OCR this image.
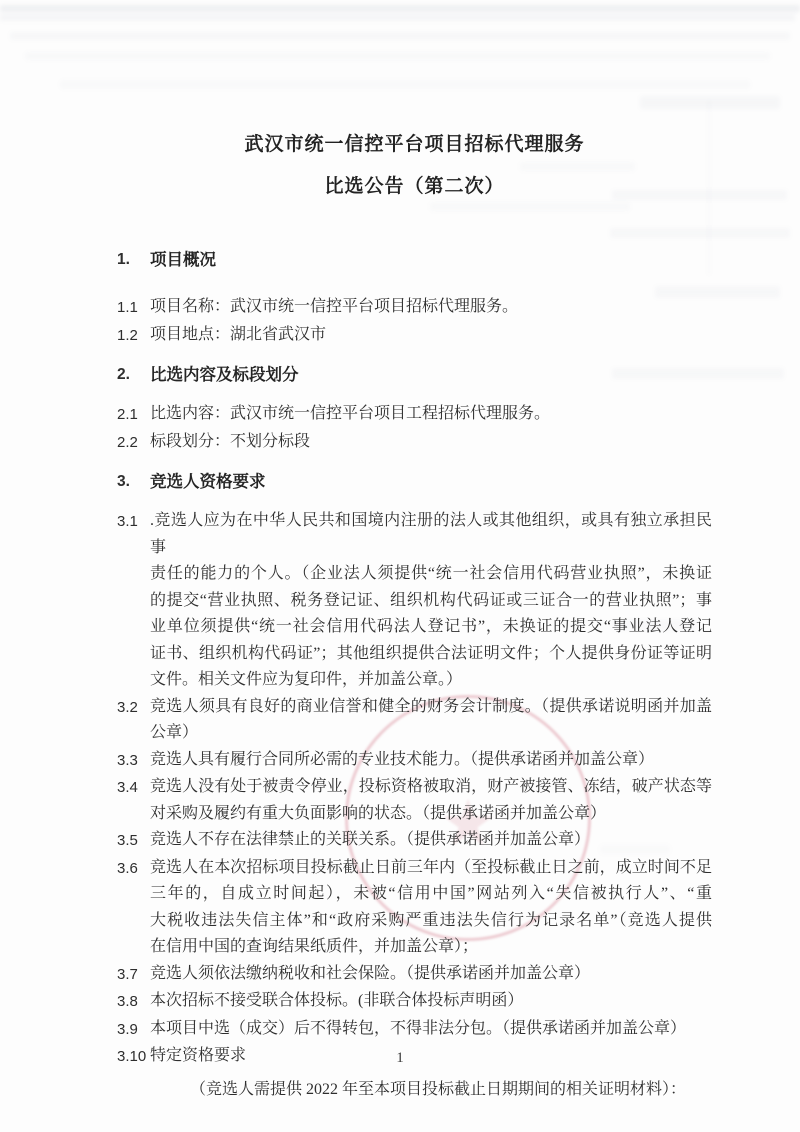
★
武汉市统一信控平台项目招标代理服务
比选公告（第二次）
1.	项目概况
1.1 项目名称：武汉市统一信控平台项目招标代理服务。
1.2 项目地点：湖北省武汉市
2.	比选内容及标段划分
2.1 比选内容：武汉市统一信控平台项目工程招标代理服务。
2.2 标段划分：不划分标段
3.	竞选人资格要求
3.1 .竞选人应为在中华人民共和国境内注册的法人或其他组织，或具有独立承担民事
责任的能力的个人。（企业法人须提供“统一社会信用代码营业执照”，未换证
的提交“营业执照、税务登记证、组织机构代码证或三证合一的营业执照”；事
业单位须提供“统一社会信用代码法人登记书”，未换证的提交“事业法人登记
证书、组织机构代码证”；其他组织提供合法证明文件；个人提供身份证等证明
文件。相关文件应为复印件，并加盖公章。）
3.2 竞选人须具有良好的商业信誉和健全的财务会计制度。（提供承诺说明函并加盖
公章）
3.3 竞选人具有履行合同所必需的专业技术能力。（提供承诺函并加盖公章）
3.4 竞选人没有处于被责令停业，投标资格被取消，财产被接管、冻结，破产状态等
对采购及履约有重大负面影响的状态。（提供承诺函并加盖公章）
3.5 竞选人不存在法律禁止的关联关系。（提供承诺函并加盖公章）
3.6 竞选人在本次招标项目投标截止日前三年内（至投标截止日之前，成立时间不足
三年的，自成立时间起），未被“信用中国”网站列入“失信被执行人”、“重
大税收违法失信主体”和“政府采购严重违法失信行为记录名单”（竞选人提供
在信用中国的查询结果纸质件，并加盖公章）；
3.7 竞选人须依法缴纳税收和社会保险。（提供承诺函并加盖公章）
3.8 本次招标不接受联合体投标。(非联合体投标声明函）
3.9 本项目中选（成交）后不得转包，不得非法分包。（提供承诺函并加盖公章）
3.10 特定资格要求
（竞选人需提供 2022 年至本项目投标截止日期期间的相关证明材料）：
1
